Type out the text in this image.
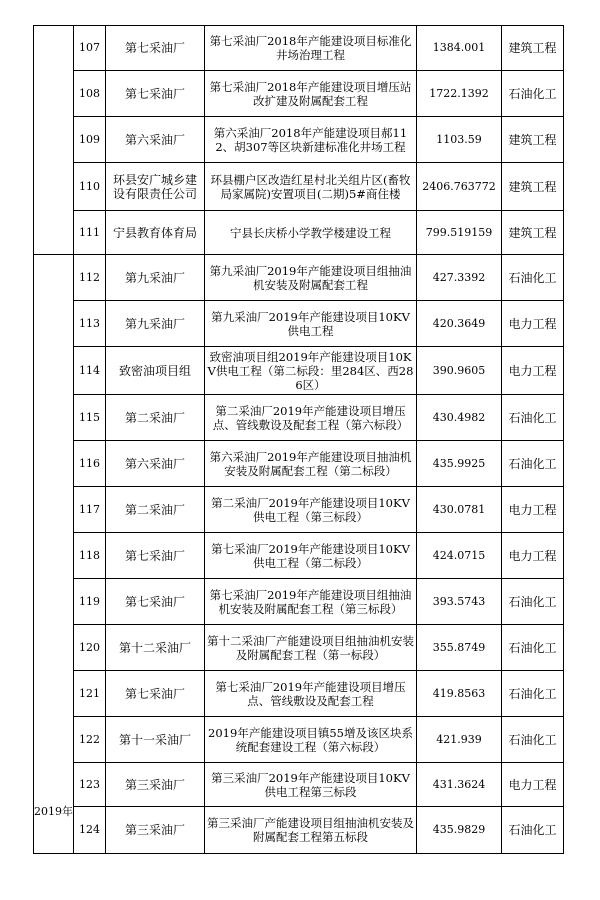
	107	第七采油厂	第七采油厂2018年产能建设项目标准化井场治理工程	1384.001	建筑工程
	108	第七采油厂	第七采油厂2018年产能建设项目增压站改扩建及附属配套工程	1722.1392	石油化工
	109	第六采油厂	第六采油厂2018年产能建设项目郝112、胡307等区块新建标准化井场工程	1103.59	建筑工程
	110	环县安广城乡建设有限责任公司	环县棚户区改造红星村北关组片区(畜牧局家属院)安置项目(二期)5#商住楼	2406.763772	建筑工程
	111	宁县教育体育局	宁县长庆桥小学教学楼建设工程	799.519159	建筑工程
2019年	112	第九采油厂	第九采油厂2019年产能建设项目组抽油机安装及附属配套工程	427.3392	石油化工
	113	第九采油厂	第九采油厂2019年产能建设项目10KV供电工程	420.3649	电力工程
	114	致密油项目组	致密油项目组2019年产能建设项目10KV供电工程（第二标段：里284区、西286区）	390.9605	电力工程
	115	第二采油厂	第二采油厂2019年产能建设项目增压点、管线敷设及配套工程（第六标段）	430.4982	石油化工
	116	第六采油厂	第六采油厂2019年产能建设项目抽油机安装及附属配套工程（第二标段）	435.9925	石油化工
	117	第二采油厂	第二采油厂2019年产能建设项目10KV供电工程（第三标段）	430.0781	电力工程
	118	第七采油厂	第七采油厂2019年产能建设项目10KV供电工程（第二标段）	424.0715	电力工程
	119	第七采油厂	第七采油厂2019年产能建设项目组抽油机安装及附属配套工程（第三标段）	393.5743	石油化工
	120	第十二采油厂	第十二采油厂产能建设项目组抽油机安装及附属配套工程（第一标段）	355.8749	石油化工
	121	第七采油厂	第七采油厂2019年产能建设项目增压点、管线敷设及配套工程	419.8563	石油化工
	122	第十一采油厂	2019年产能建设项目镇55增及该区块系统配套建设工程（第六标段）	421.939	石油化工
	123	第三采油厂	第三采油厂2019年产能建设项目10KV供电工程第三标段	431.3624	电力工程
	124	第三采油厂	第三采油厂产能建设项目组抽油机安装及附属配套工程第五标段	435.9829	石油化工
